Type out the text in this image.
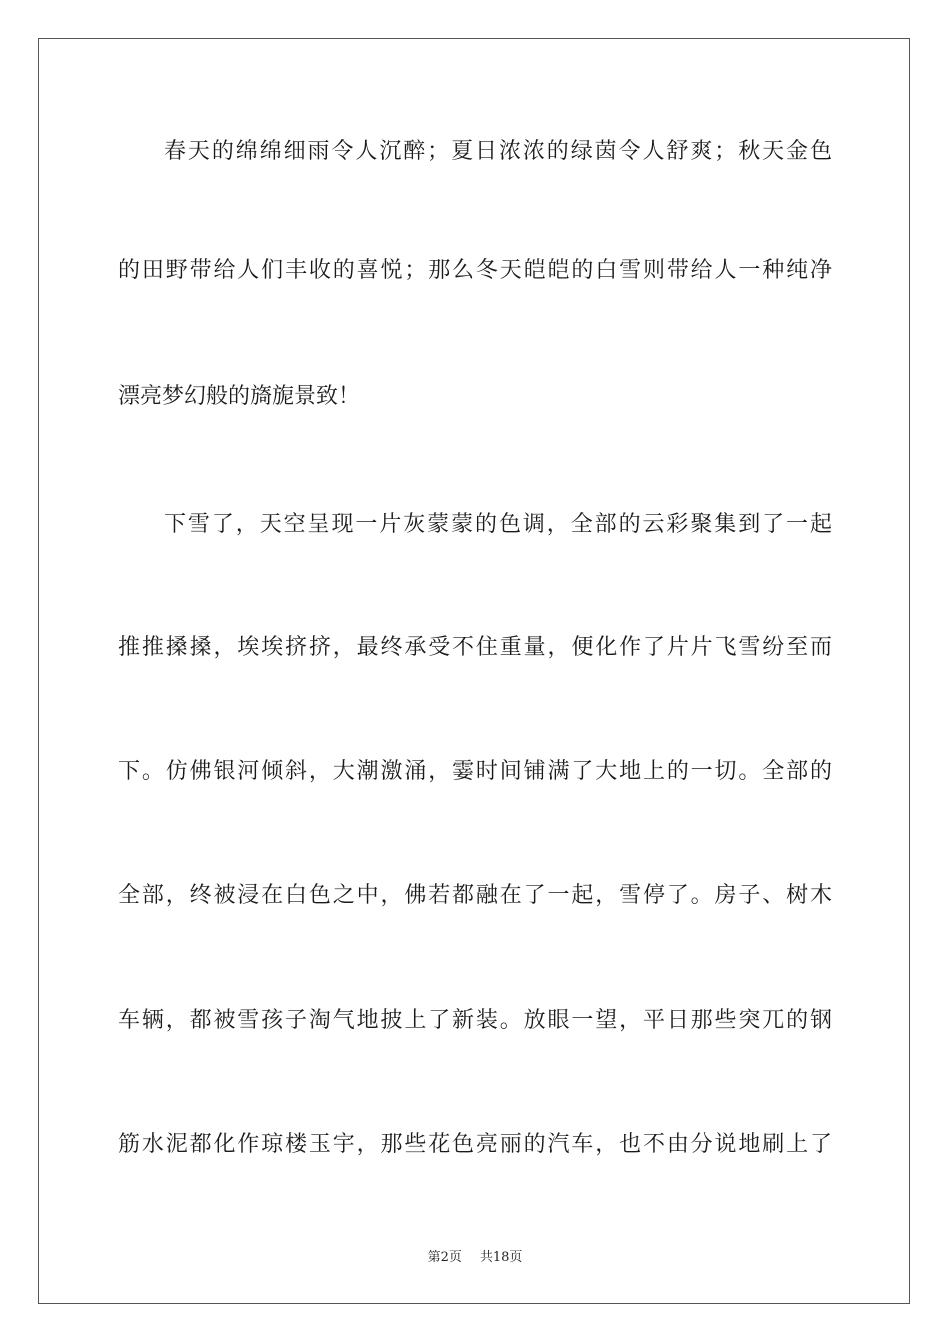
春天的绵绵细雨令人沉醉；夏日浓浓的绿茵令人舒爽；秋天金色

的田野带给人们丰收的喜悦；那么冬天皑皑的白雪则带给人一种纯净

漂亮梦幻般的旖旎景致！

下雪了，天空呈现一片灰蒙蒙的色调，全部的云彩聚集到了一起

推推搡搡，埃埃挤挤，最终承受不住重量，便化作了片片飞雪纷至而

下。仿佛银河倾斜，大潮激涌，霎时间铺满了大地上的一切。全部的

全部，终被浸在白色之中，佛若都融在了一起，雪停了。房子、树木

车辆，都被雪孩子淘气地披上了新装。放眼一望，平日那些突兀的钢

筋水泥都化作琼楼玉宇，那些花色亮丽的汽车，也不由分说地刷上了

第2页 共18页
